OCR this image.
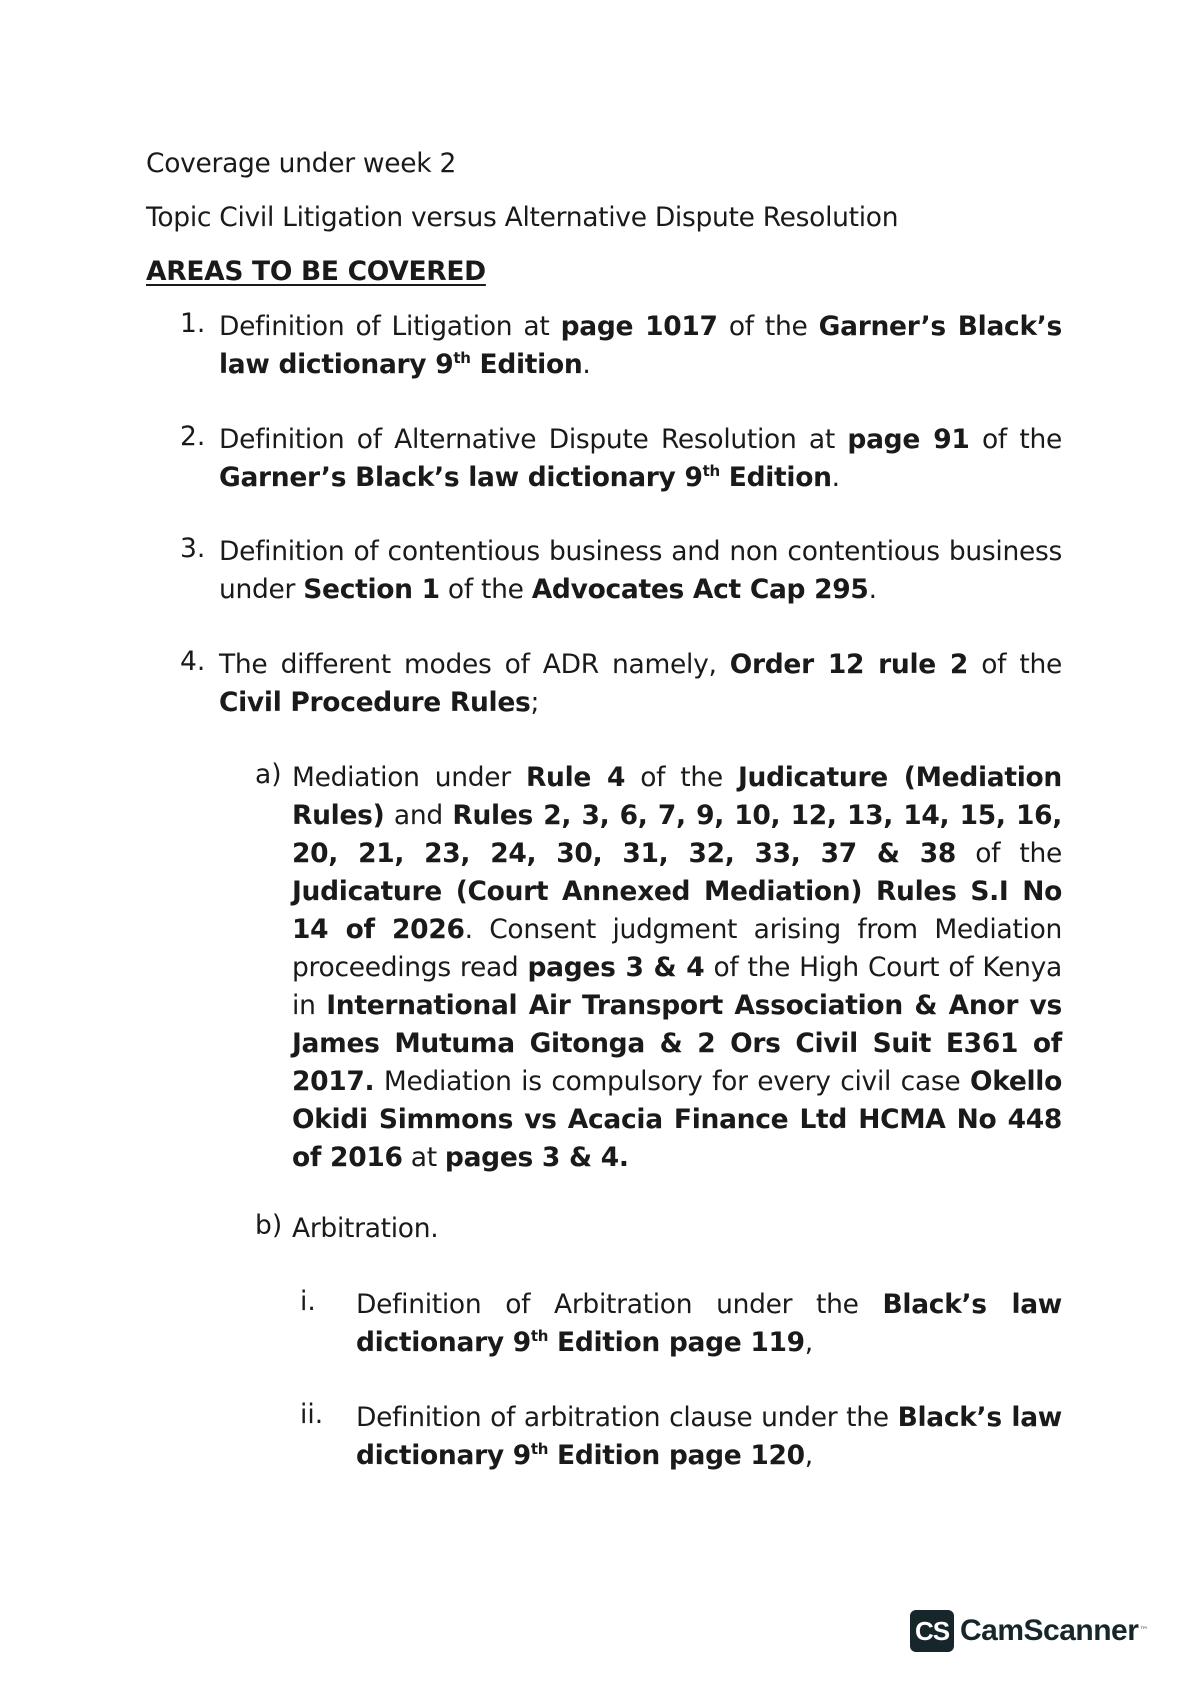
Coverage under week 2
Topic Civil Litigation versus Alternative Dispute Resolution
AREAS TO BE COVERED
1. Definition of Litigation at page 1017 of the Garner’s Black’s law dictionary 9th Edition.
2. Definition of Alternative Dispute Resolution at page 91 of the Garner’s Black’s law dictionary 9th Edition.
3. Definition of contentious business and non contentious business under Section 1 of the Advocates Act Cap 295.
4. The different modes of ADR namely, Order 12 rule 2 of the Civil Procedure Rules;
a) Mediation under Rule 4 of the Judicature (Mediation Rules) and Rules 2, 3, 6, 7, 9, 10, 12, 13, 14, 15, 16, 20, 21, 23, 24, 30, 31, 32, 33, 37 & 38 of the Judicature (Court Annexed Mediation) Rules S.I No 14 of 2026. Consent judgment arising from Mediation proceedings read pages 3 & 4 of the High Court of Kenya in International Air Transport Association & Anor vs James Mutuma Gitonga & 2 Ors Civil Suit E361 of 2017. Mediation is compulsory for every civil case Okello Okidi Simmons vs Acacia Finance Ltd HCMA No 448 of 2016 at pages 3 & 4.
b) Arbitration.
i. Definition of Arbitration under the Black’s law dictionary 9th Edition page 119,
ii. Definition of arbitration clause under the Black’s law dictionary 9th Edition page 120,
CS CamScanner ™
